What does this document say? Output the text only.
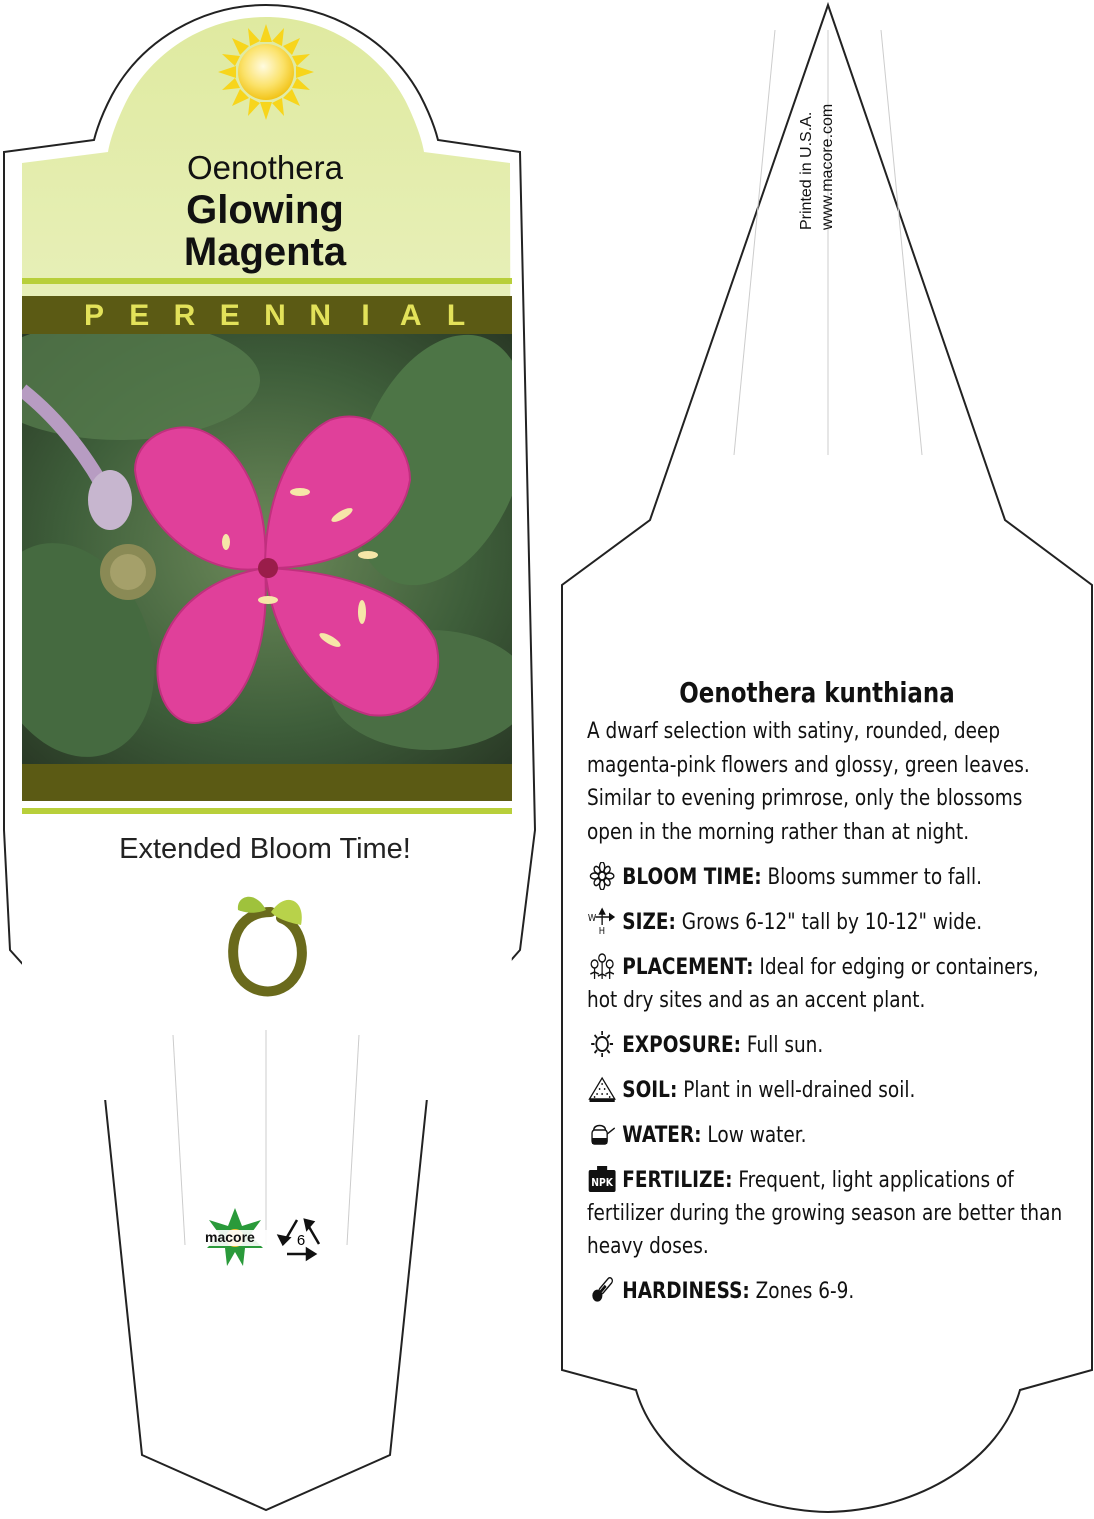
Oenothera
Glowing
Magenta
P E R E N N	I	A L
Extended Bloom Time!
macore	6
Printed in U.S.A. www.macore.com
Oenothera kunthiana
A dwarf selection with satiny, rounded, deep magenta-pink flowers and glossy, green leaves. Similar to evening primrose, only the blossoms open in the morning rather than at night.
BLOOM TIME: Blooms summer to fall.
W
H SIZE: Grows 6-12" tall by 10-12" wide.
PLACEMENT: Ideal for edging or containers, hot dry sites and as an accent plant.
EXPOSURE: Full sun.
SOIL: Plant in well-drained soil.
WATER: Low water.
NPK FERTILIZE: Frequent, light applications of fertilizer during the growing season are better than heavy doses.
HARDINESS: Zones 6-9.
